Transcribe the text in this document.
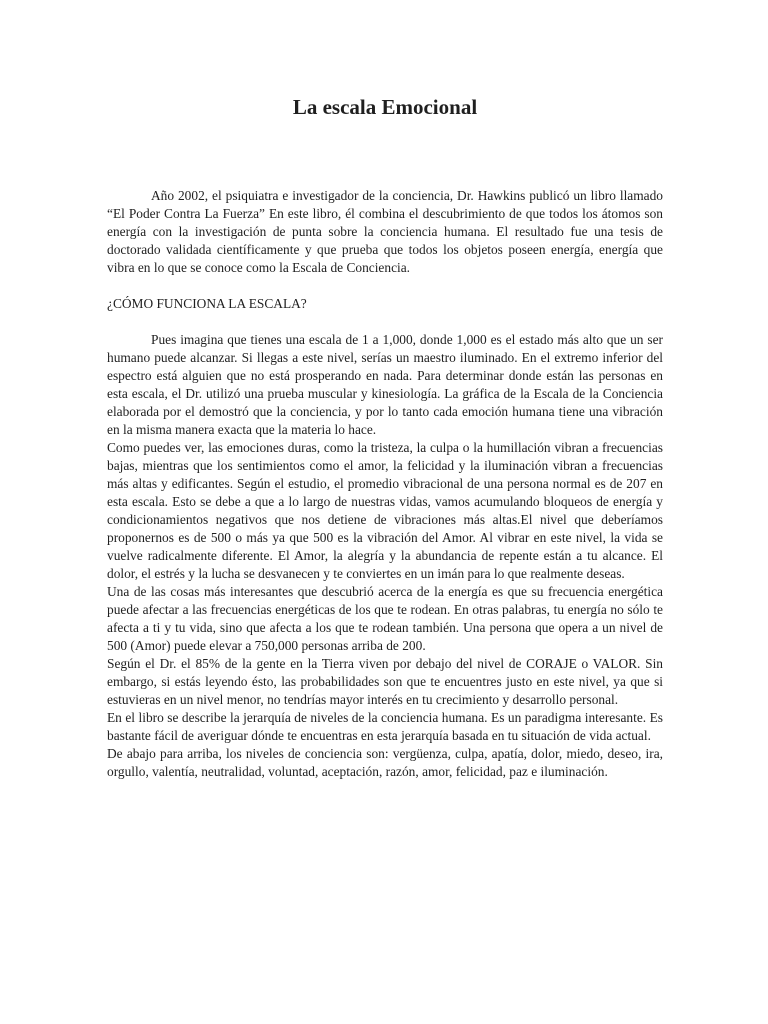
La escala Emocional

Año 2002, el psiquiatra e investigador de la conciencia, Dr. Hawkins publicó un libro llamado “El Poder Contra La Fuerza” En este libro, él combina el descubrimiento de que todos los átomos son energía con la investigación de punta sobre la conciencia humana. El resultado fue una tesis de doctorado validada científicamente y que prueba que todos los objetos poseen energía, energía que vibra en lo que se conoce como la Escala de Conciencia.

¿CÓMO FUNCIONA LA ESCALA?

Pues imagina que tienes una escala de 1 a 1,000, donde 1,000 es el estado más alto que un ser humano puede alcanzar. Si llegas a este nivel, serías un maestro iluminado. En el extremo inferior del espectro está alguien que no está prosperando en nada. Para determinar donde están las personas en esta escala, el Dr. utilizó una prueba muscular y kinesiología. La gráfica de la Escala de la Conciencia elaborada por el demostró que la conciencia, y por lo tanto cada emoción humana tiene una vibración en la misma manera exacta que la materia lo hace.

Como puedes ver, las emociones duras, como la tristeza, la culpa o la humillación vibran a frecuencias bajas, mientras que los sentimientos como el amor, la felicidad y la iluminación vibran a frecuencias más altas y edificantes. Según el estudio, el promedio vibracional de una persona normal es de 207 en esta escala. Esto se debe a que a lo largo de nuestras vidas, vamos acumulando bloqueos de energía y condicionamientos negativos que nos detiene de vibraciones más altas.El nivel que deberíamos proponernos es de 500 o más ya que 500 es la vibración del Amor. Al vibrar en este nivel, la vida se vuelve radicalmente diferente. El Amor, la alegría y la abundancia de repente están a tu alcance. El dolor, el estrés y la lucha se desvanecen y te conviertes en un imán para lo que realmente deseas.

Una de las cosas más interesantes que descubrió acerca de la energía es que su frecuencia energética puede afectar a las frecuencias energéticas de los que te rodean. En otras palabras, tu energía no sólo te afecta a ti y tu vida, sino que afecta a los que te rodean también. Una persona que opera a un nivel de 500 (Amor) puede elevar a 750,000 personas arriba de 200.

Según el Dr. el 85% de la gente en la Tierra viven por debajo del nivel de CORAJE o VALOR. Sin embargo, si estás leyendo ésto, las probabilidades son que te encuentres justo en este nivel, ya que si estuvieras en un nivel menor, no tendrías mayor interés en tu crecimiento y desarrollo personal.

En el libro se describe la jerarquía de niveles de la conciencia humana. Es un paradigma interesante. Es bastante fácil de averiguar dónde te encuentras en esta jerarquía basada en tu situación de vida actual.

De abajo para arriba, los niveles de conciencia son: vergüenza, culpa, apatía, dolor, miedo, deseo, ira, orgullo, valentía, neutralidad, voluntad, aceptación, razón, amor, felicidad, paz e iluminación.
